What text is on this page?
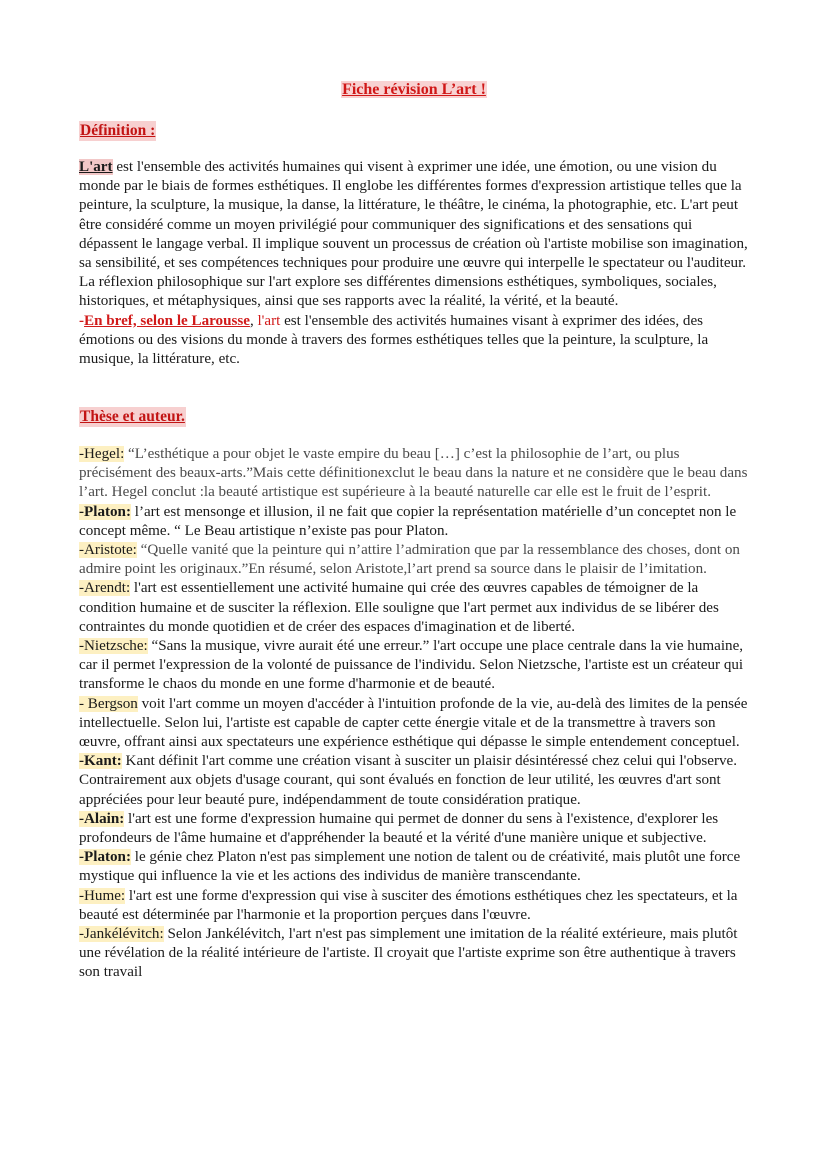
Fiche révision L’art !
Définition :

L'art est l'ensemble des activités humaines qui visent à exprimer une idée, une émotion, ou une vision du monde par le biais de formes esthétiques. Il englobe les différentes formes d'expression artistique telles que la peinture, la sculpture, la musique, la danse, la littérature, le théâtre, le cinéma, la photographie, etc. L'art peut être considéré comme un moyen privilégié pour communiquer des significations et des sensations qui dépassent le langage verbal. Il implique souvent un processus de création où l'artiste mobilise son imagination, sa sensibilité, et ses compétences techniques pour produire une œuvre qui interpelle le spectateur ou l'auditeur. La réflexion philosophique sur l'art explore ses différentes dimensions esthétiques, symboliques, sociales, historiques, et métaphysiques, ainsi que ses rapports avec la réalité, la vérité, et la beauté.

-En bref, selon le Larousse, l'art est l'ensemble des activités humaines visant à exprimer des idées, des émotions ou des visions du monde à travers des formes esthétiques telles que la peinture, la sculpture, la musique, la littérature, etc.

Thèse et auteur.

-Hegel: “L’esthétique a pour objet le vaste empire du beau […] c’est la philosophie de l’art, ou plus précisément des beaux-arts.”Mais cette définitionexclut le beau dans la nature et ne considère que le beau dans l’art. Hegel conclut :la beauté artistique est supérieure à la beauté naturelle car elle est le fruit de l’esprit.

-Platon: l’art est mensonge et illusion, il ne fait que copier la représentation matérielle d’un conceptet non le concept même. “ Le Beau artistique n’existe pas pour Platon.

-Aristote: “Quelle vanité que la peinture qui n’attire l’admiration que par la ressemblance des choses, dont on admire point les originaux.”En résumé, selon Aristote,l’art prend sa source dans le plaisir de l’imitation.

-Arendt: l'art est essentiellement une activité humaine qui crée des œuvres capables de témoigner de la condition humaine et de susciter la réflexion. Elle souligne que l'art permet aux individus de se libérer des contraintes du monde quotidien et de créer des espaces d'imagination et de liberté.

-Nietzsche: “Sans la musique, vivre aurait été une erreur.” l'art occupe une place centrale dans la vie humaine, car il permet l'expression de la volonté de puissance de l'individu. Selon Nietzsche, l'artiste est un créateur qui transforme le chaos du monde en une forme d'harmonie et de beauté.

- Bergson voit l'art comme un moyen d'accéder à l'intuition profonde de la vie, au-delà des limites de la pensée intellectuelle. Selon lui, l'artiste est capable de capter cette énergie vitale et de la transmettre à travers son œuvre, offrant ainsi aux spectateurs une expérience esthétique qui dépasse le simple entendement conceptuel.

-Kant: Kant définit l'art comme une création visant à susciter un plaisir désintéressé chez celui qui l'observe. Contrairement aux objets d'usage courant, qui sont évalués en fonction de leur utilité, les œuvres d'art sont appréciées pour leur beauté pure, indépendamment de toute considération pratique.

-Alain: l'art est une forme d'expression humaine qui permet de donner du sens à l'existence, d'explorer les profondeurs de l'âme humaine et d'appréhender la beauté et la vérité d'une manière unique et subjective.

-Platon: le génie chez Platon n'est pas simplement une notion de talent ou de créativité, mais plutôt une force mystique qui influence la vie et les actions des individus de manière transcendante.

-Hume: l'art est une forme d'expression qui vise à susciter des émotions esthétiques chez les spectateurs, et la beauté est déterminée par l'harmonie et la proportion perçues dans l'œuvre.

-Jankélévitch: Selon Jankélévitch, l'art n'est pas simplement une imitation de la réalité extérieure, mais plutôt une révélation de la réalité intérieure de l'artiste. Il croyait que l'artiste exprime son être authentique à travers son travail
